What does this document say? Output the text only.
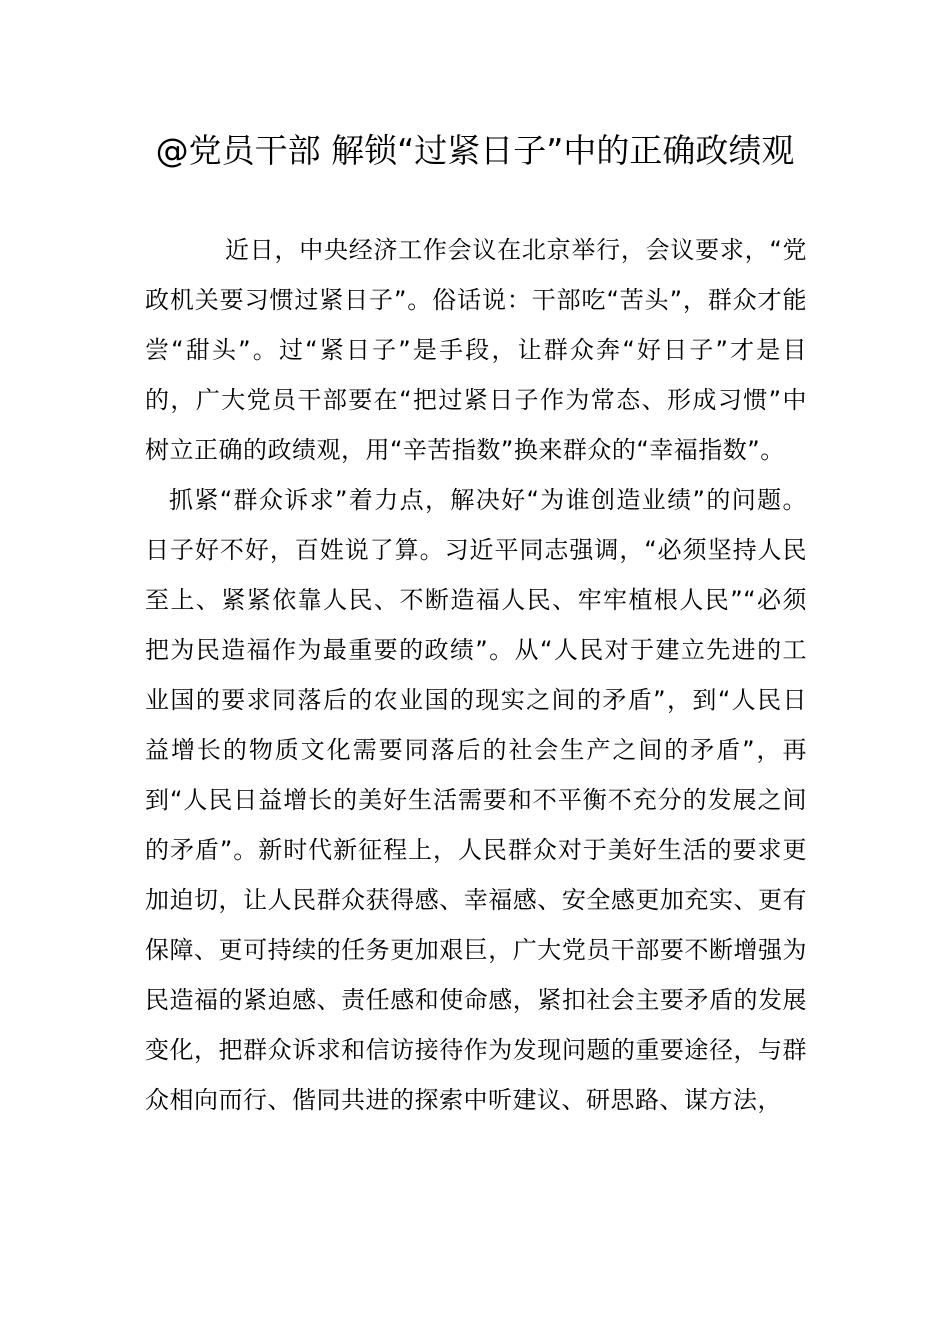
@党员干部 解锁“过紧日子”中的正确政绩观

近日，中央经济工作会议在北京举行，会议要求，“党政机关要习惯过紧日子”。俗话说：干部吃“苦头”，群众才能尝“甜头”。过“紧日子”是手段，让群众奔“好日子”才是目的，广大党员干部要在“把过紧日子作为常态、形成习惯”中树立正确的政绩观，用“辛苦指数”换来群众的“幸福指数”。

抓紧“群众诉求”着力点，解决好“为谁创造业绩”的问题。日子好不好，百姓说了算。习近平同志强调，“必须坚持人民至上、紧紧依靠人民、不断造福人民、牢牢植根人民”“必须把为民造福作为最重要的政绩”。从“人民对于建立先进的工业国的要求同落后的农业国的现实之间的矛盾”，到“人民日益增长的物质文化需要同落后的社会生产之间的矛盾”，再到“人民日益增长的美好生活需要和不平衡不充分的发展之间的矛盾”。新时代新征程上，人民群众对于美好生活的要求更加迫切，让人民群众获得感、幸福感、安全感更加充实、更有保障、更可持续的任务更加艰巨，广大党员干部要不断增强为民造福的紧迫感、责任感和使命感，紧扣社会主要矛盾的发展变化，把群众诉求和信访接待作为发现问题的重要途径，与群众相向而行、偕同共进的探索中听建议、研思路、谋方法，
